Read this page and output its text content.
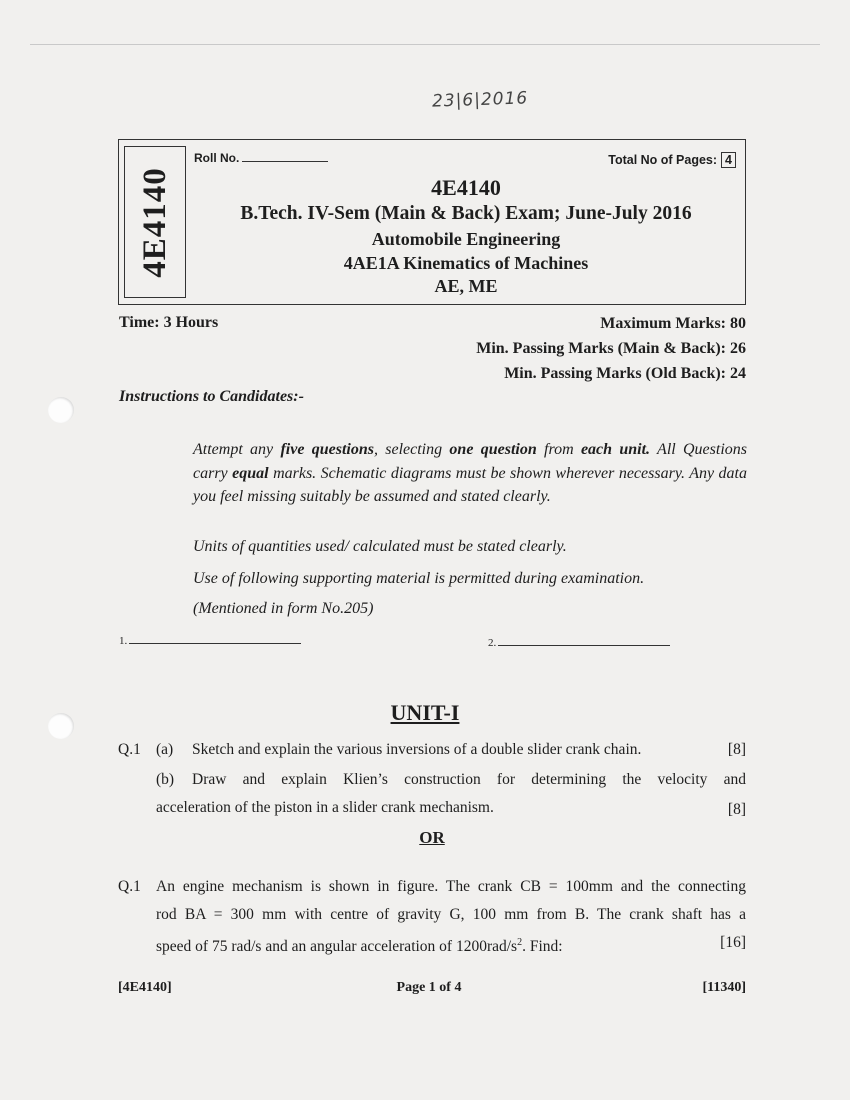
23|6|2016
4E4140
Roll No.	Total No of Pages: 4
4E4140
B.Tech. IV-Sem (Main & Back) Exam; June-July 2016
Automobile Engineering
4AE1A Kinematics of Machines
AE, ME
Time: 3 Hours	Maximum Marks: 80
Min. Passing Marks (Main & Back): 26
Min. Passing Marks (Old Back): 24
Instructions to Candidates:-
Attempt any five questions, selecting one question from each unit. All Questions carry equal marks. Schematic diagrams must be shown wherever necessary. Any data you feel missing suitably be assumed and stated clearly.
Units of quantities used/ calculated must be stated clearly.
Use of following supporting material is permitted during examination.
(Mentioned in form No.205)
1.	2.
UNIT-I
Q.1 (a) Sketch and explain the various inversions of a double slider crank chain.	[8]
(b) Draw and explain Klien’s construction for determining the velocity and
acceleration of the piston in a slider crank mechanism.	[8]
OR
Q.1 An engine mechanism is shown in figure. The crank CB = 100mm and the connecting
rod BA = 300 mm with centre of gravity G, 100 mm from B. The crank shaft has a
speed of 75 rad/s and an angular acceleration of $1200rad/s^2$. Find:	[16]
[4E4140]	Page 1 of 4	[11340]
